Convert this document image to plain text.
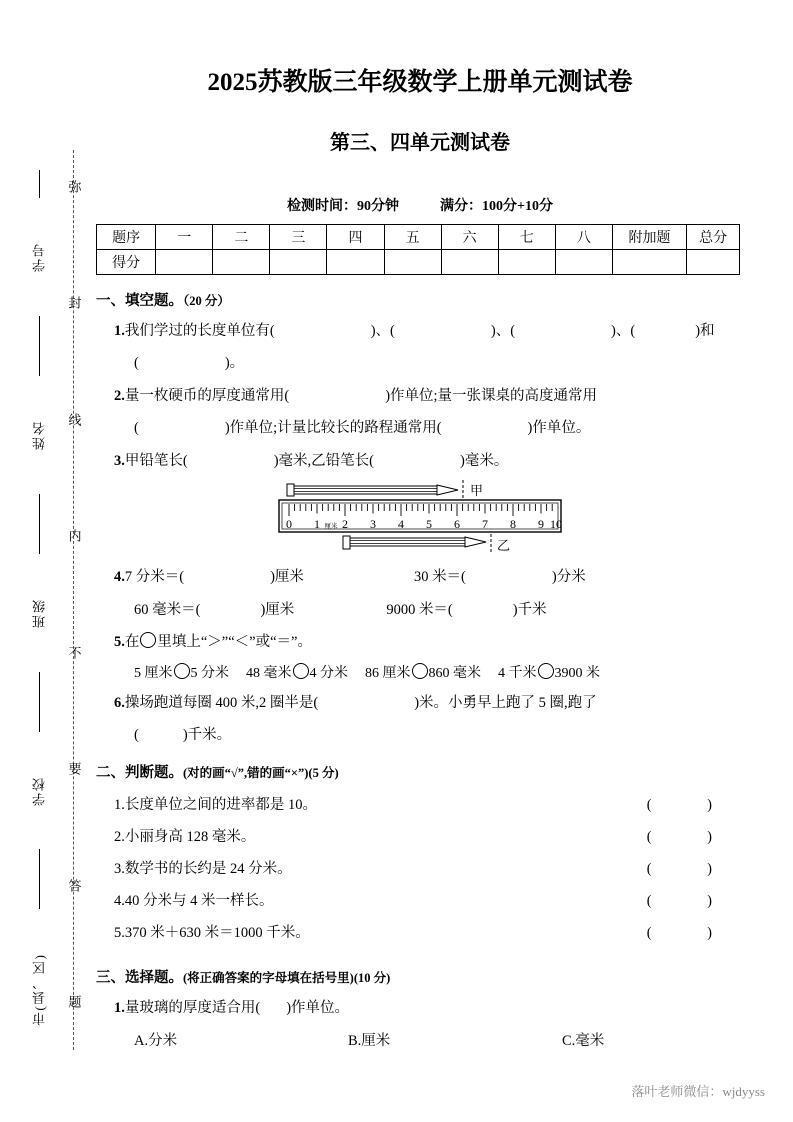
学号
姓名
班级
学校
市(县、区)
弥
封
线
内
不
要
答
题
2025苏教版三年级数学上册单元测试卷
第三、四单元测试卷
检测时间：90分钟	满分：100分+10分
题序	一	二	三	四	五	六	七	八	附加题	总分
得分										
一、填空题。（20 分）
1.我们学过的长度单位有(	)、(	)、(	)、(	)和
(	)。
2.量一枚硬币的厚度通常用(	)作单位;量一张课桌的高度通常用
(	)作单位;计量比较长的路程通常用(	)作单位。
3.甲铅笔长(	)毫米,乙铅笔长(	)毫米。
甲
0 1 2 3 4 5 6 7 8 9 10
厘米
乙
4.7 分米＝(	)厘米	30 米＝(	)分米
60 毫米＝(	)厘米	9000 米＝(	)千米
5.在 里填上“＞”“＜”或“＝”。
5 厘米 5 分米 48 毫米 4 分米 86 厘米 860 毫米 4 千米 3900 米
6.操场跑道每圈 400 米,2 圈半是(	)米。小勇早上跑了 5 圈,跑了
(	)千米。
二、判断题。(对的画“√”,错的画“×”)(5 分)
1.长度单位之间的进率都是 10。	( )
2.小丽身高 128 毫米。	( )
3.数学书的长约是 24 分米。	( )
4.40 分米与 4 米一样长。	( )
5.370 米＋630 米＝1000 千米。	( )
三、选择题。(将正确答案的字母填在括号里)(10 分)
1.量玻璃的厚度适合用( )作单位。
A.分米	B.厘米	C.毫米
落叶老师微信：wjdyyss
